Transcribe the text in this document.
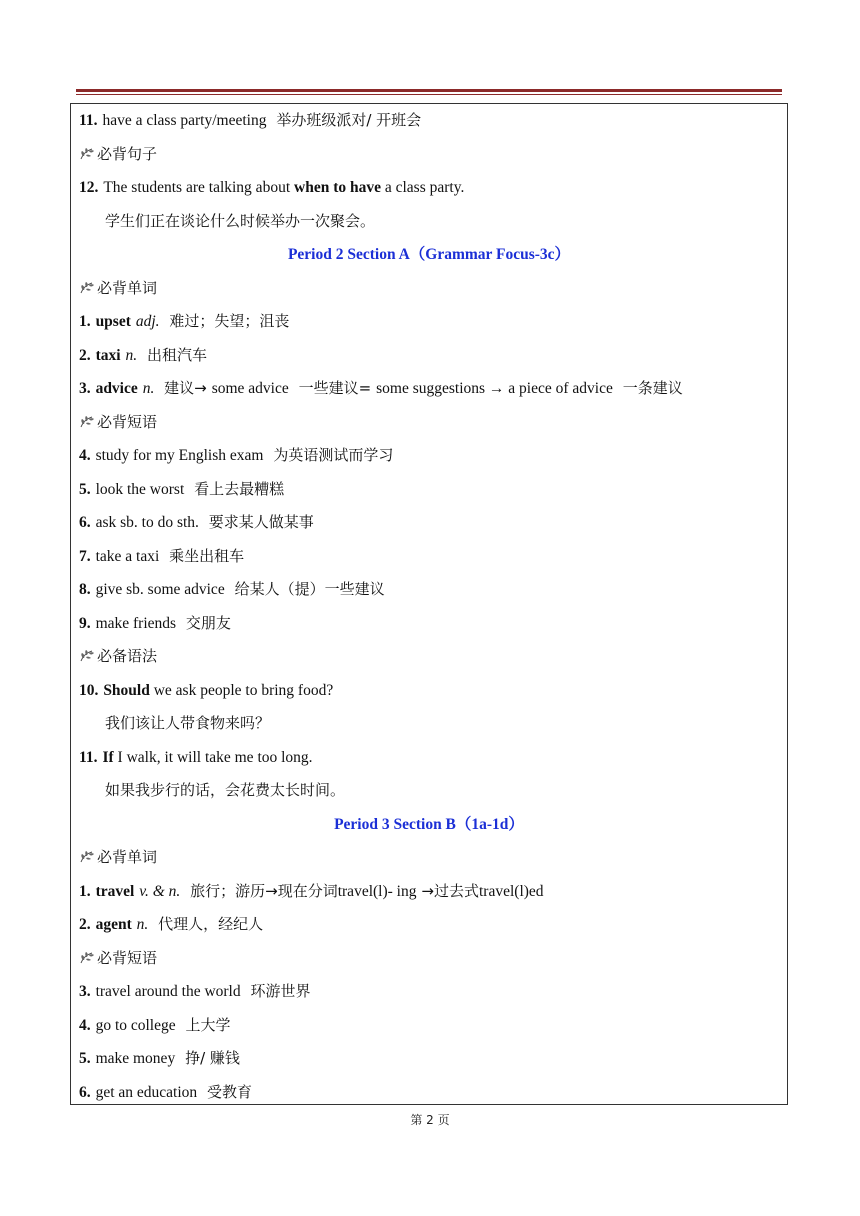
11. have a class party/meeting 举办班级派对/ 开班会
必背句子
12. The students are talking about when to have a class party.
学生们正在谈论什么时候举办一次聚会。
Period 2 Section A（Grammar Focus-3c）
必背单词
1. upset adj. 难过；失望；沮丧
2. taxi n. 出租汽车
3. advice n. 建议→ some advice 一些建议= some suggestions → a piece of advice 一条建议
必背短语
4. study for my English exam 为英语测试而学习
5. look the worst 看上去最糟糕
6. ask sb. to do sth. 要求某人做某事
7. take a taxi 乘坐出租车
8. give sb. some advice 给某人（提）一些建议
9. make friends 交朋友
必备语法
10. Should we ask people to bring food?
我们该让人带食物来吗？
11. If I walk, it will take me too long.
如果我步行的话，会花费太长时间。
Period 3 Section B（1a-1d）
必背单词
1. travel v. & n. 旅行；游历→现在分词travel(l)- ing →过去式travel(l)ed
2. agent n. 代理人，经纪人
必背短语
3. travel around the world 环游世界
4. go to college 上大学
5. make money 挣/ 赚钱
6. get an education 受教育
第 2 页
